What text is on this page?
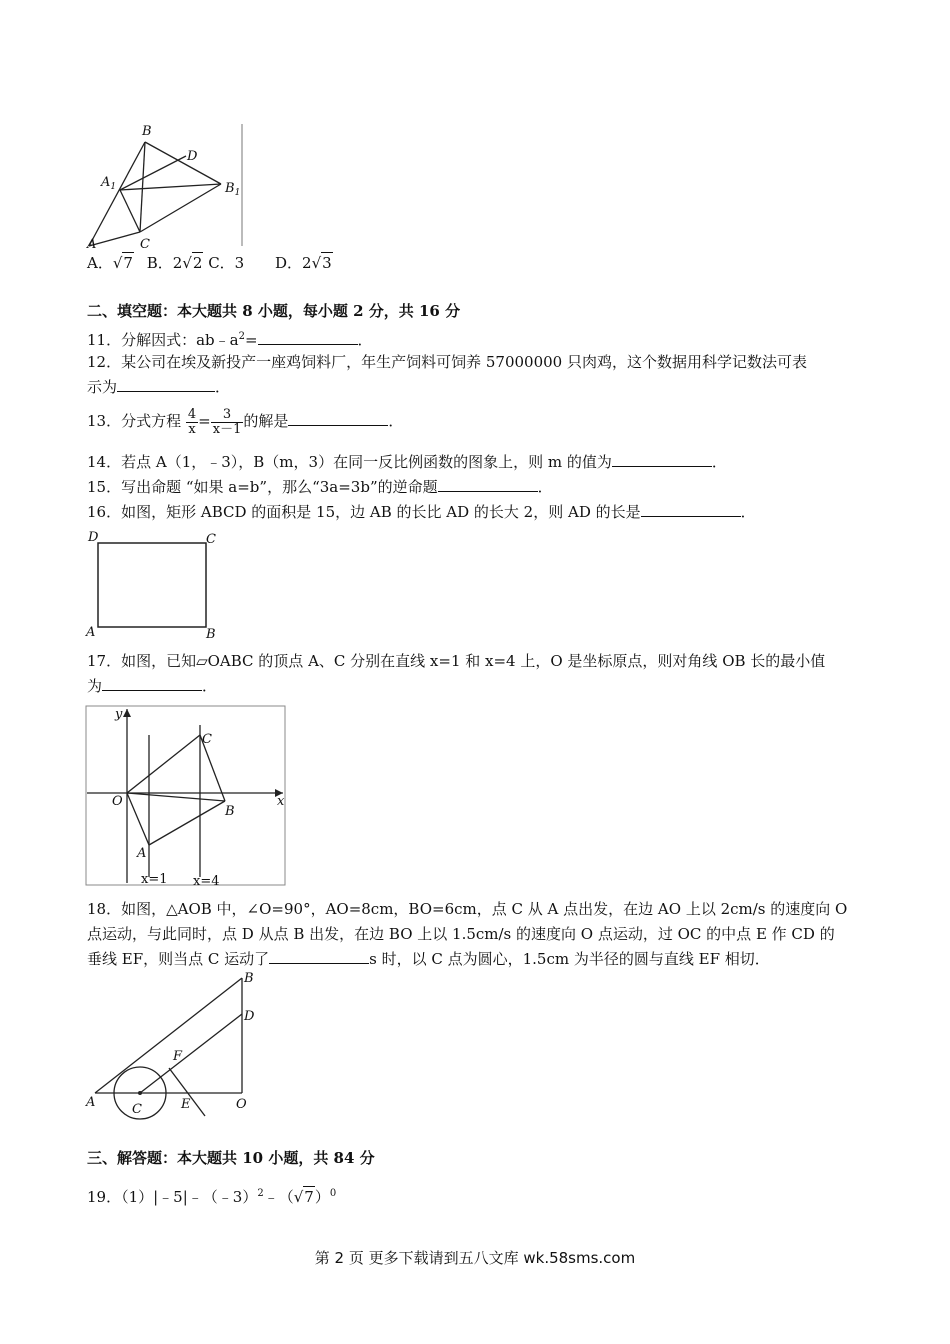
B
D
$A_1$	$B_1$
A	C
A．√7 B．2√2 C．3 D．2√3
二、填空题：本大题共 8 小题，每小题 2 分，共 16 分
11．分解因式：$ab﹣a^2=$	．
12．某公司在埃及新投产一座鸡饲料厂，年生产饲料可饲养 57000000 只肉鸡，这个数据用科学记数法可表
示为	．
13．分式方程 $\frac{4}{x} = \frac{3}{x-1}$ 的解是	．
14．若点 A（1，﹣3），B（m，3）在同一反比例函数的图象上，则 m 的值为	．
15．写出命题 “如果 a=b”，那么“3a=3b”的逆命题	．
16．如图，矩形 ABCD 的面积是 15，边 AB 的长比 AD 的长大 2，则 AD 的长是	．
D	C
A	B
17．如图，已知▱OABC 的顶点 A、C 分别在直线 x=1 和 x=4 上，O 是坐标原点，则对角线 OB 长的最小值
为	．
y
x
O
C
B
A
x=1 x=4
18．如图，△AOB 中，∠O=90°，AO=8cm，BO=6cm，点 C 从 A 点出发，在边 AO 上以 2cm/s 的速度向 O
点运动，与此同时，点 D 从点 B 出发，在边 BO 上以 1.5cm/s 的速度向 O 点运动，过 OC 的中点 E 作 CD 的
垂线 EF，则当点 C 运动了	s 时，以 C 点为圆心，1.5cm 为半径的圆与直线 EF 相切．
B
D
F
A	C	E	O
三、解答题：本大题共 10 小题，共 84 分
19．$(1)|﹣5|﹣(﹣3)^2﹣(√7)^0$
第 2 页 更多下载请到五八文库 wk.58sms.com
